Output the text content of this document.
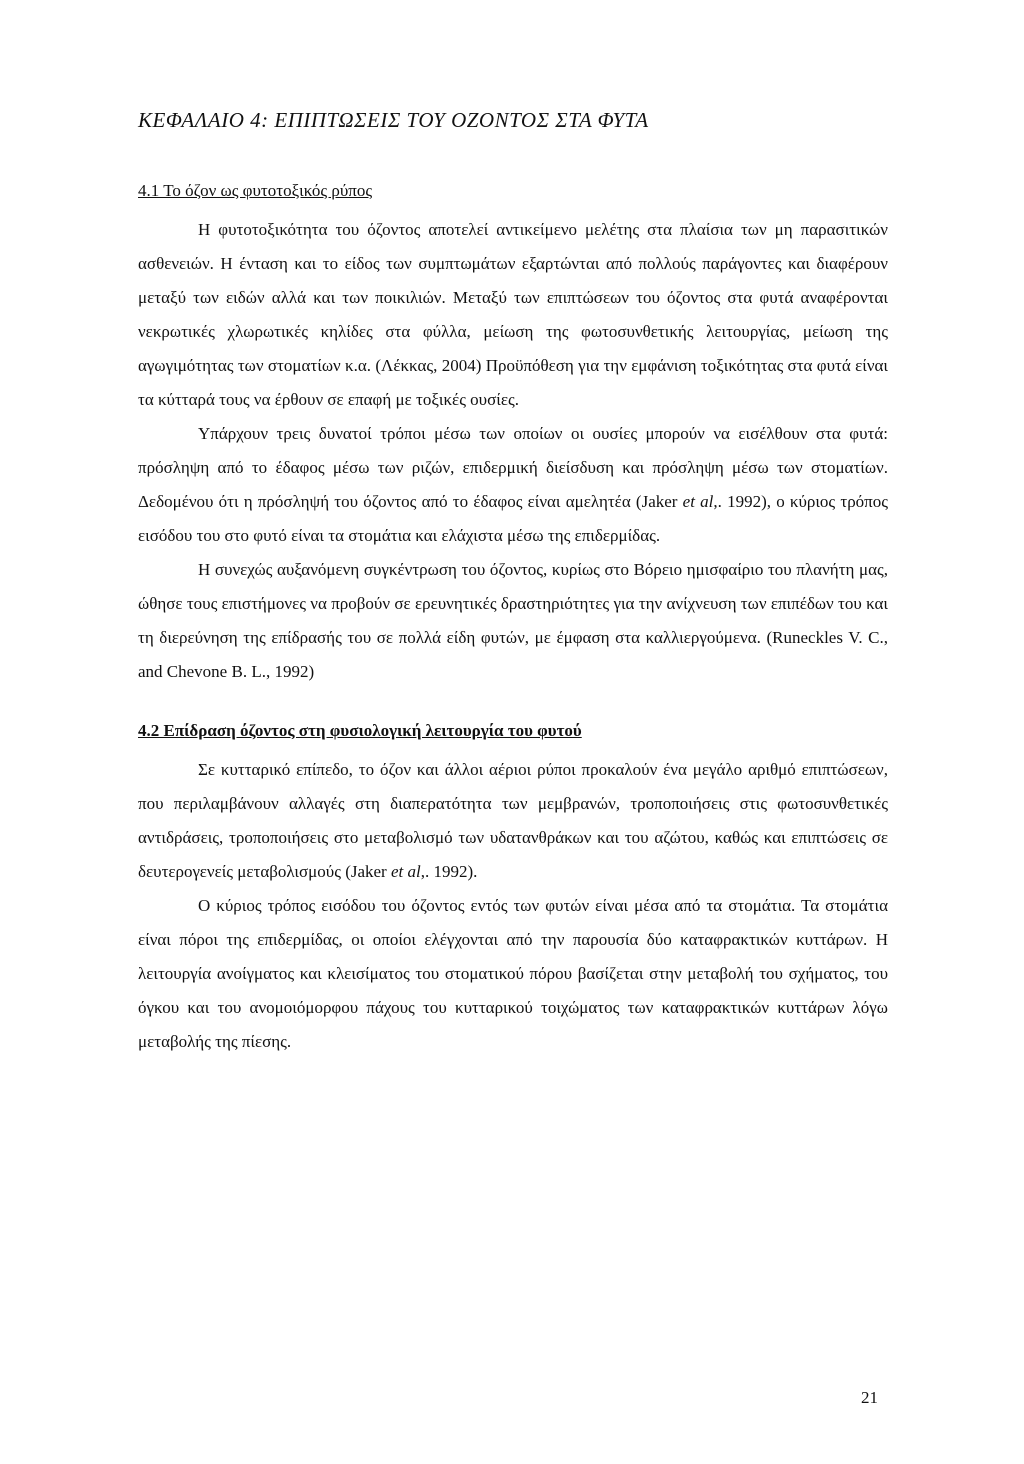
ΚΕΦΑΛΑΙΟ 4: ΕΠΙΠΤΩΣΕΙΣ ΤΟΥ ΟΖΟΝΤΟΣ ΣΤΑ ΦΥΤΑ
4.1 Το όζον ως φυτοτοξικός ρύπος

Η φυτοτοξικότητα του όζοντος αποτελεί αντικείμενο μελέτης στα πλαίσια των μη παρασιτικών ασθενειών. Η ένταση και το είδος των συμπτωμάτων εξαρτώνται από πολλούς παράγοντες και διαφέρουν μεταξύ των ειδών αλλά και των ποικιλιών. Μεταξύ των επιπτώσεων του όζοντος στα φυτά αναφέρονται νεκρωτικές χλωρωτικές κηλίδες στα φύλλα, μείωση της φωτοσυνθετικής λειτουργίας, μείωση της αγωγιμότητας των στοματίων κ.α. (Λέκκας, 2004) Προϋπόθεση για την εμφάνιση τοξικότητας στα φυτά είναι τα κύτταρά τους να έρθουν σε επαφή με τοξικές ουσίες.

Υπάρχουν τρεις δυνατοί τρόποι μέσω των οποίων οι ουσίες μπορούν να εισέλθουν στα φυτά: πρόσληψη από το έδαφος μέσω των ριζών, επιδερμική διείσδυση και πρόσληψη μέσω των στοματίων. Δεδομένου ότι η πρόσληψή του όζοντος από το έδαφος είναι αμελητέα (Jaker et al,. 1992), ο κύριος τρόπος εισόδου του στο φυτό είναι τα στομάτια και ελάχιστα μέσω της επιδερμίδας.

Η συνεχώς αυξανόμενη συγκέντρωση του όζοντος, κυρίως στο Βόρειο ημισφαίριο του πλανήτη μας, ώθησε τους επιστήμονες να προβούν σε ερευνητικές δραστηριότητες για την ανίχνευση των επιπέδων του και τη διερεύνηση της επίδρασής του σε πολλά είδη φυτών, με έμφαση στα καλλιεργούμενα. (Runeckles V. C., and Chevone B. L., 1992)

4.2 Επίδραση όζοντος στη φυσιολογική λειτουργία του φυτού

Σε κυτταρικό επίπεδο, το όζον και άλλοι αέριοι ρύποι προκαλούν ένα μεγάλο αριθμό επιπτώσεων, που περιλαμβάνουν αλλαγές στη διαπερατότητα των μεμβρανών, τροποποιήσεις στις φωτοσυνθετικές αντιδράσεις, τροποποιήσεις στο μεταβολισμό των υδατανθράκων και του αζώτου, καθώς και επιπτώσεις σε δευτερογενείς μεταβολισμούς (Jaker et al,. 1992).

Ο κύριος τρόπος εισόδου του όζοντος εντός των φυτών είναι μέσα από τα στομάτια. Τα στομάτια είναι πόροι της επιδερμίδας, οι οποίοι ελέγχονται από την παρουσία δύο καταφρακτικών κυττάρων. Η λειτουργία ανοίγματος και κλεισίματος του στοματικού πόρου βασίζεται στην μεταβολή του σχήματος, του όγκου και του ανομοιόμορφου πάχους του κυτταρικού τοιχώματος των καταφρακτικών κυττάρων λόγω μεταβολής της πίεσης.

21
